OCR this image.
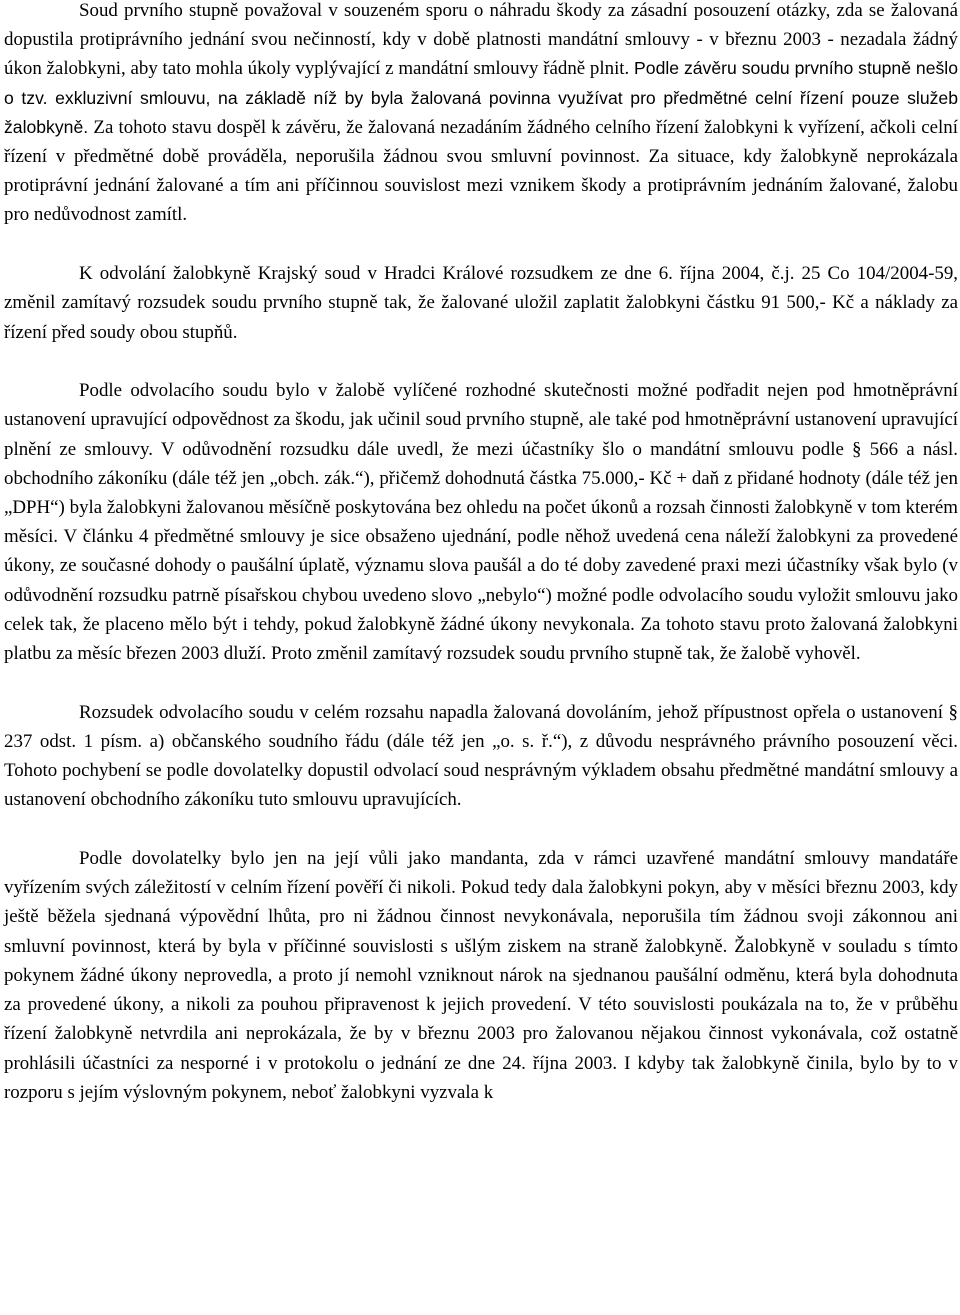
Soud prvního stupně považoval v souzeném sporu o náhradu škody za zásadní posouzení otázky, zda se žalovaná dopustila protiprávního jednání svou nečinností, kdy v době platnosti mandátní smlouvy - v březnu 2003 - nezadala žádný úkon žalobkyni, aby tato mohla úkoly vyplývající z mandátní smlouvy řádně plnit. Podle závěru soudu prvního stupně nešlo o tzv. exkluzivní smlouvu, na základě níž by byla žalovaná povinna využívat pro předmětné celní řízení pouze služeb žalobkyně. Za tohoto stavu dospěl k závěru, že žalovaná nezadáním žádného celního řízení žalobkyni k vyřízení, ačkoli celní řízení v předmětné době prováděla, neporušila žádnou svou smluvní povinnost. Za situace, kdy žalobkyně neprokázala protiprávní jednání žalované a tím ani příčinnou souvislost mezi vznikem škody a protiprávním jednáním žalované, žalobu pro nedůvodnost zamítl.

K odvolání žalobkyně Krajský soud v Hradci Králové rozsudkem ze dne 6. října 2004, č.j. 25 Co 104/2004-59, změnil zamítavý rozsudek soudu prvního stupně tak, že žalované uložil zaplatit žalobkyni částku 91 500,- Kč a náklady za řízení před soudy obou stupňů.

Podle odvolacího soudu bylo v žalobě vylíčené rozhodné skutečnosti možné podřadit nejen pod hmotněprávní ustanovení upravující odpovědnost za škodu, jak učinil soud prvního stupně, ale také pod hmotněprávní ustanovení upravující plnění ze smlouvy. V odůvodnění rozsudku dále uvedl, že mezi účastníky šlo o mandátní smlouvu podle § 566 a násl. obchodního zákoníku (dále též jen „obch. zák.“), přičemž dohodnutá částka 75.000,- Kč + daň z přidané hodnoty (dále též jen „DPH“) byla žalobkyni žalovanou měsíčně poskytována bez ohledu na počet úkonů a rozsah činnosti žalobkyně v tom kterém měsíci. V článku 4 předmětné smlouvy je sice obsaženo ujednání, podle něhož uvedená cena náleží žalobkyni za provedené úkony, ze současné dohody o paušální úplatě, významu slova paušál a do té doby zavedené praxi mezi účastníky však bylo (v odůvodnění rozsudku patrně písařskou chybou uvedeno slovo „nebylo“) možné podle odvolacího soudu vyložit smlouvu jako celek tak, že placeno mělo být i tehdy, pokud žalobkyně žádné úkony nevykonala. Za tohoto stavu proto žalovaná žalobkyni platbu za měsíc březen 2003 dluží. Proto změnil zamítavý rozsudek soudu prvního stupně tak, že žalobě vyhověl.

Rozsudek odvolacího soudu v celém rozsahu napadla žalovaná dovoláním, jehož přípustnost opřela o ustanovení § 237 odst. 1 písm. a) občanského soudního řádu (dále též jen „o. s. ř.“), z důvodu nesprávného právního posouzení věci. Tohoto pochybení se podle dovolatelky dopustil odvolací soud nesprávným výkladem obsahu předmětné mandátní smlouvy a ustanovení obchodního zákoníku tuto smlouvu upravujících.

Podle dovolatelky bylo jen na její vůli jako mandanta, zda v rámci uzavřené mandátní smlouvy mandatáře vyřízením svých záležitostí v celním řízení pověří či nikoli. Pokud tedy dala žalobkyni pokyn, aby v měsíci březnu 2003, kdy ještě běžela sjednaná výpovědní lhůta, pro ni žádnou činnost nevykonávala, neporušila tím žádnou svoji zákonnou ani smluvní povinnost, která by byla v příčinné souvislosti s ušlým ziskem na straně žalobkyně. Žalobkyně v souladu s tímto pokynem žádné úkony neprovedla, a proto jí nemohl vzniknout nárok na sjednanou paušální odměnu, která byla dohodnuta za provedené úkony, a nikoli za pouhou připravenost k jejich provedení. V této souvislosti poukázala na to, že v průběhu řízení žalobkyně netvrdila ani neprokázala, že by v březnu 2003 pro žalovanou nějakou činnost vykonávala, což ostatně prohlásili účastníci za nesporné i v protokolu o jednání ze dne 24. října 2003. I kdyby tak žalobkyně činila, bylo by to v rozporu s jejím výslovným pokynem, neboť žalobkyni vyzvala k
